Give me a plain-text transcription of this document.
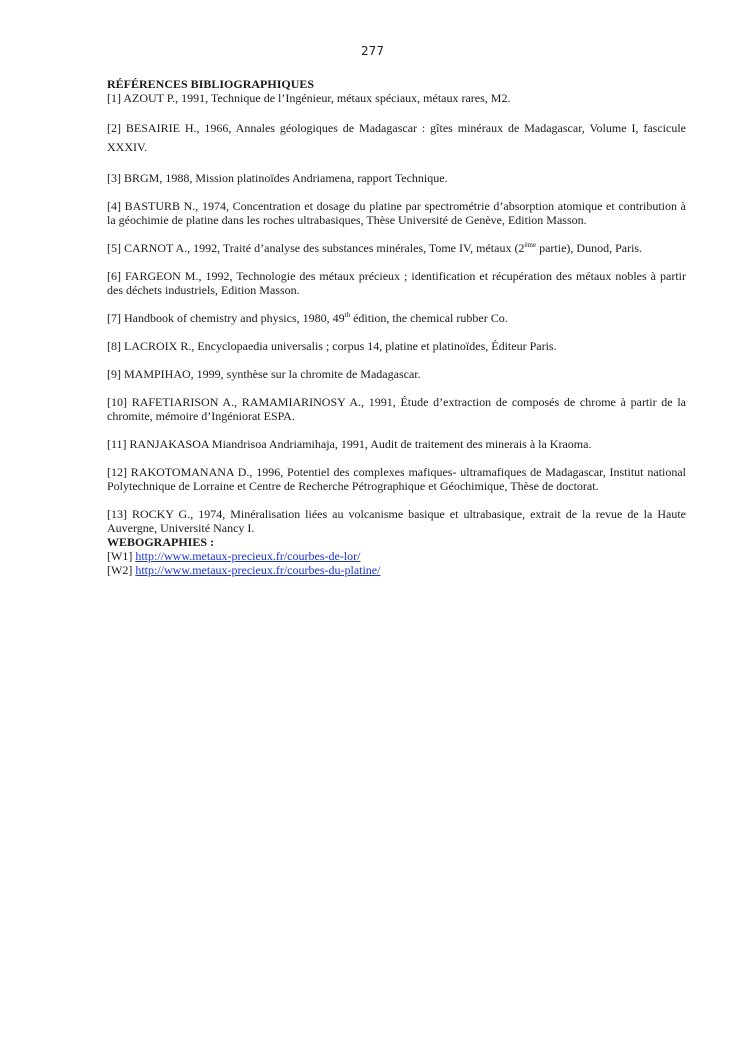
277

RÉFÉRENCES BIBLIOGRAPHIQUES

[1] AZOUT P., 1991, Technique de l’Ingénieur, métaux spéciaux, métaux rares, M2.

[2] BESAIRIE H., 1966, Annales géologiques de Madagascar : gîtes minéraux de Madagascar, Volume I, fascicule XXXIV.

[3] BRGM, 1988, Mission platinoïdes Andriamena, rapport Technique.

[4] BASTURB N., 1974, Concentration et dosage du platine par spectrométrie d’absorption atomique et contribution à la géochimie de platine dans les roches ultrabasiques, Thèse Université de Genève, Edition Masson.

[5] CARNOT A., 1992, Traité d’analyse des substances minérales, Tome IV, métaux (2ème partie), Dunod, Paris.

[6] FARGEON M., 1992, Technologie des métaux précieux ; identification et récupération des métaux nobles à partir des déchets industriels, Edition Masson.

[7] Handbook of chemistry and physics, 1980, 49th édition, the chemical rubber Co.

[8] LACROIX R., Encyclopaedia universalis ; corpus 14, platine et platinoïdes, Éditeur Paris.

[9] MAMPIHAO, 1999, synthèse sur la chromite de Madagascar.

[10] RAFETIARISON A., RAMAMIARINOSY A., 1991, Étude d’extraction de composés de chrome à partir de la chromite, mémoire d’Ingéniorat ESPA.

[11] RANJAKASOA Miandrisoa Andriamihaja, 1991, Audit de traitement des minerais à la Kraoma.

[12] RAKOTOMANANA D., 1996, Potentiel des complexes mafiques- ultramafiques de Madagascar, Institut national Polytechnique de Lorraine et Centre de Recherche Pétrographique et Géochimique, Thèse de doctorat.

[13] ROCKY G., 1974, Minéralisation liées au volcanisme basique et ultrabasique, extrait de la revue de la Haute Auvergne, Université Nancy I.

WEBOGRAPHIES :

[W1] http://www.metaux-precieux.fr/courbes-de-lor/

[W2] http://www.metaux-precieux.fr/courbes-du-platine/
